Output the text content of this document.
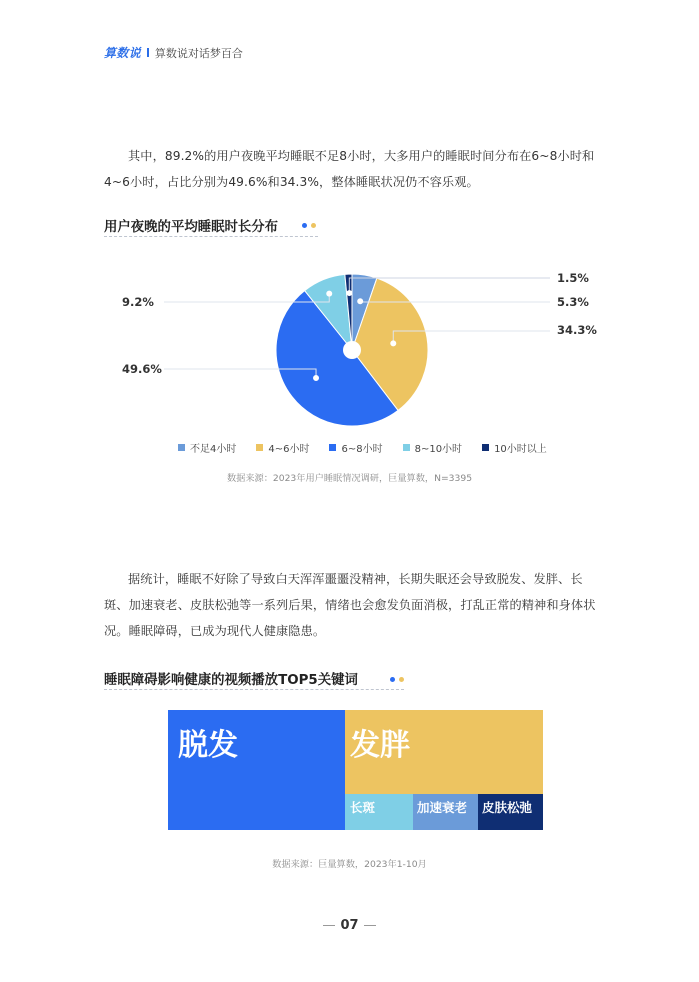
算数说 算数说对话梦百合
其中，89.2%的用户夜晚平均睡眠不足8小时，大多用户的睡眠时间分布在6~8小时和4~6小时，占比分别为49.6%和34.3%，整体睡眠状况仍不容乐观。
用户夜晚的平均睡眠时长分布
1.5%
5.3%
34.3%
9.2%
49.6%
不足4小时	4~6小时	6~8小时	8~10小时	10小时以上
数据来源：2023年用户睡眠情况调研，巨量算数，N=3395
据统计，睡眠不好除了导致白天浑浑噩噩没精神，长期失眠还会导致脱发、发胖、长斑、加速衰老、皮肤松弛等一系列后果，情绪也会愈发负面消极，打乱正常的精神和身体状况。睡眠障碍，已成为现代人健康隐患。
睡眠障碍影响健康的视频播放TOP5关键词
脱发	发胖
长斑	加速衰老	皮肤松弛
数据来源：巨量算数，2023年1-10月
07
